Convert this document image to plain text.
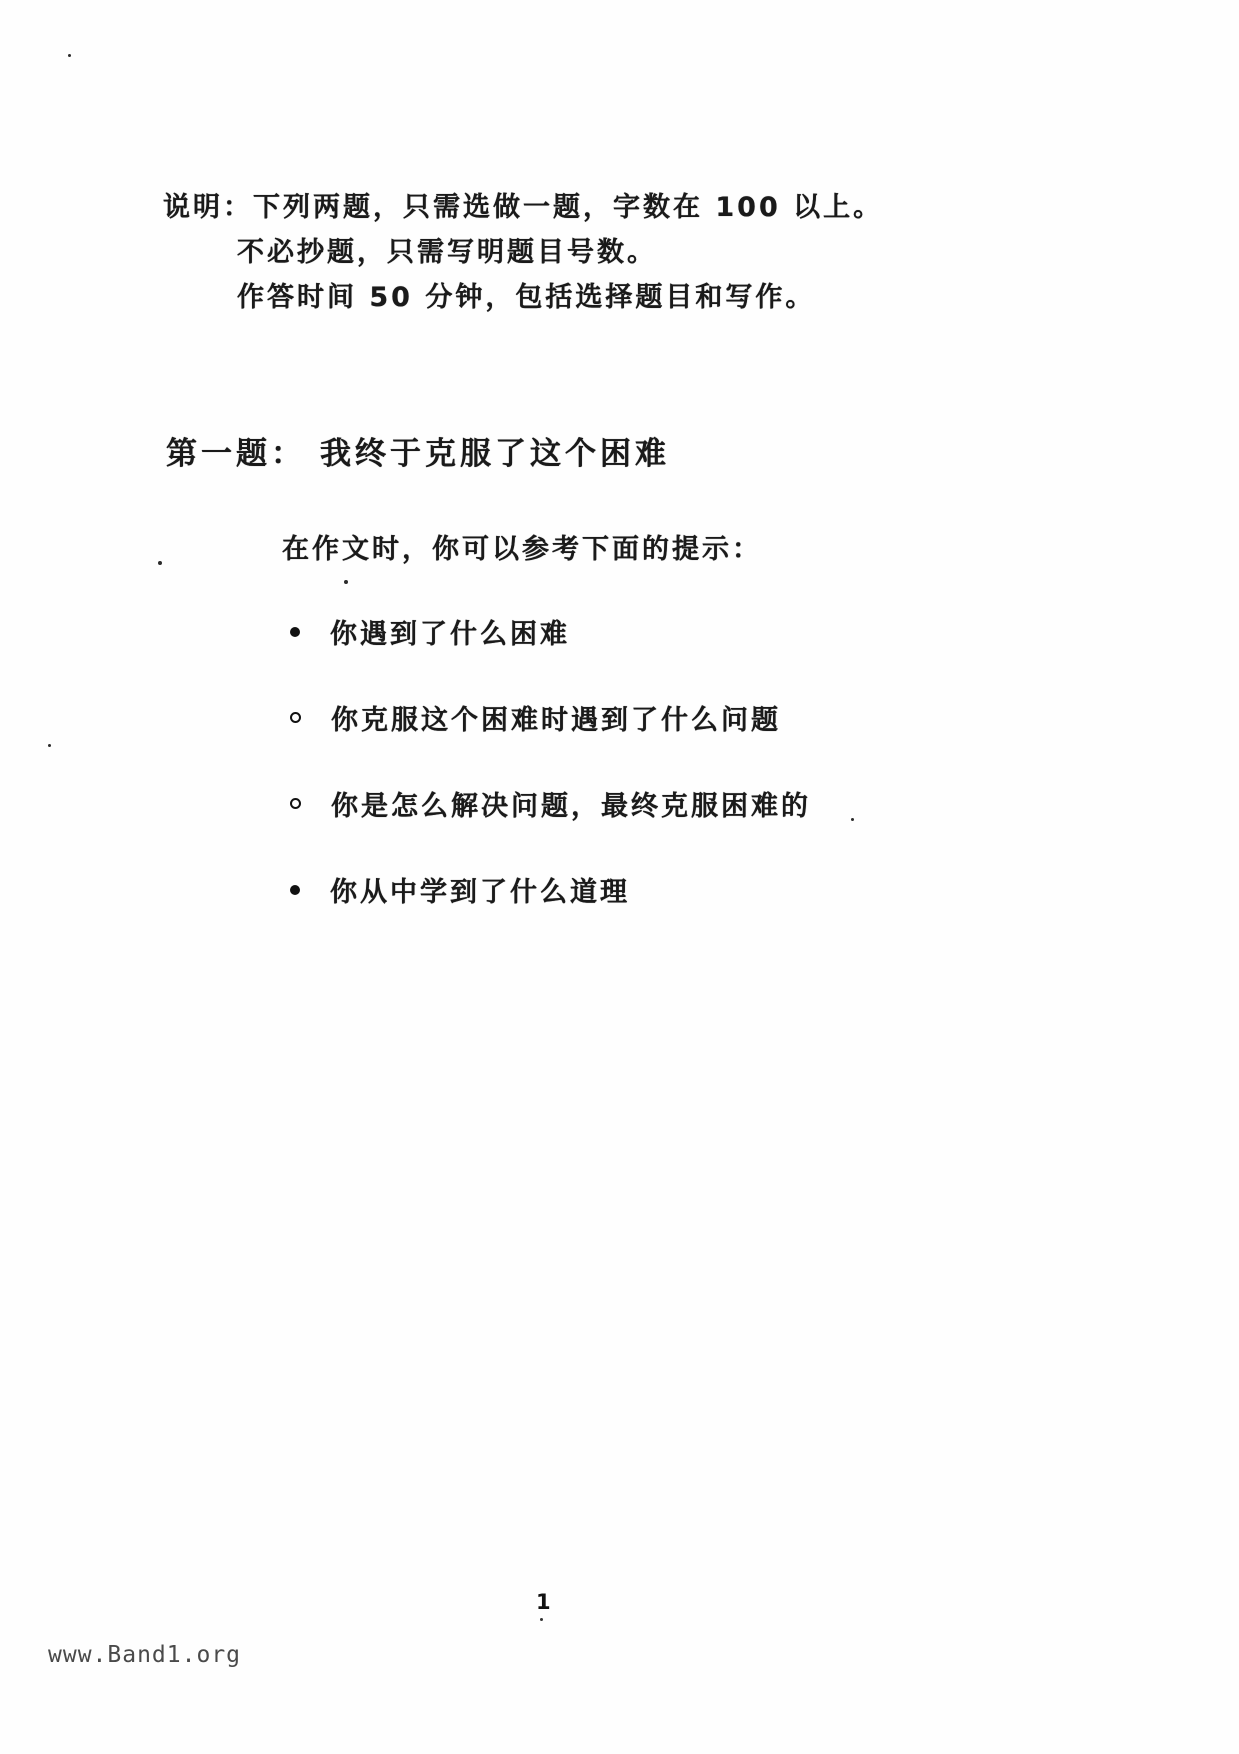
说明：下列两题，只需选做一题，字数在 100 以上。
不必抄题，只需写明题目号数。
作答时间 50 分钟，包括选择题目和写作。
第一题： 我终于克服了这个困难
在作文时，你可以参考下面的提示：
你遇到了什么困难
你克服这个困难时遇到了什么问题
你是怎么解决问题，最终克服困难的
你从中学到了什么道理
1
www.Band1.org
